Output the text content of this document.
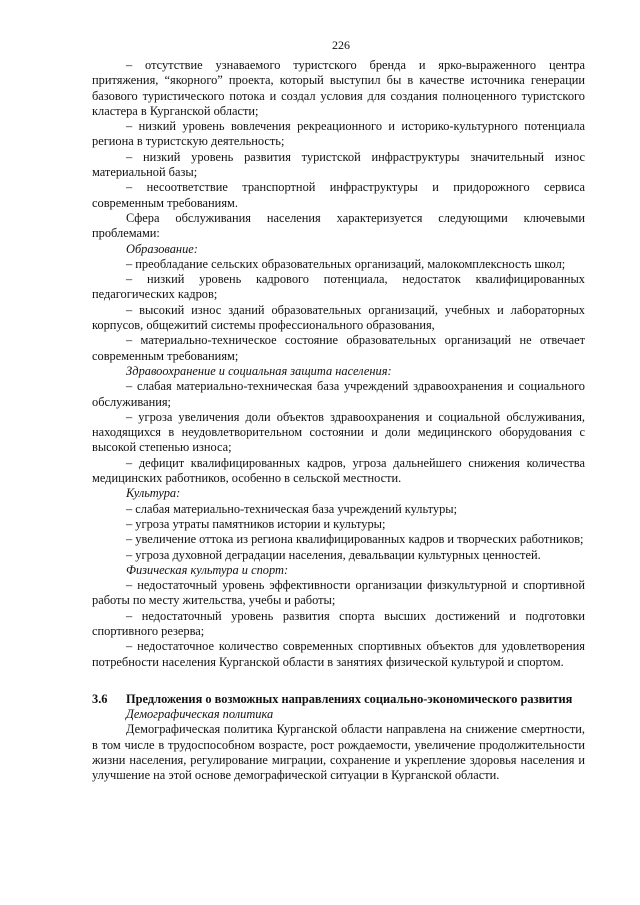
226

– отсутствие узнаваемого туристского бренда и ярко-выраженного центра притяжения, “якорного” проекта, который выступил бы в качестве источника генерации базового туристического потока и создал условия для создания полноценного туристского кластера в Курганской области;

– низкий уровень вовлечения рекреационного и историко-культурного потенциала региона в туристскую деятельность;

– низкий уровень развития туристской инфраструктуры значительный износ материальной базы;

– несоответствие транспортной инфраструктуры и придорожного сервиса современным требованиям.

Сфера обслуживания населения характеризуется следующими ключевыми проблемами:

Образование:

– преобладание сельских образовательных организаций, малокомплексность школ;

– низкий уровень кадрового потенциала, недостаток квалифицированных педагогических кадров;

– высокий износ зданий образовательных организаций, учебных и лабораторных корпусов, общежитий системы профессионального образования,

– материально-техническое состояние образовательных организаций не отвечает современным требованиям;

Здравоохранение и социальная защита населения:

– слабая материально-техническая база учреждений здравоохранения и социального обслуживания;

– угроза увеличения доли объектов здравоохранения и социальной обслуживания, находящихся в неудовлетворительном состоянии и доли медицинского оборудования с высокой степенью износа;

– дефицит квалифицированных кадров, угроза дальнейшего снижения количества медицинских работников, особенно в сельской местности.

Культура:

– слабая материально-техническая база учреждений культуры;

– угроза утраты памятников истории и культуры;

– увеличение оттока из региона квалифицированных кадров и творческих работников;

– угроза духовной деградации населения, девальвации культурных ценностей.

Физическая культура и спорт:

– недостаточный уровень эффективности организации физкультурной и спортивной работы по месту жительства, учебы и работы;

– недостаточный уровень развития спорта высших достижений и подготовки спортивного резерва;

– недостаточное количество современных спортивных объектов для удовлетворения потребности населения Курганской области в занятиях физической культурой и спортом.

3.6	Предложения о возможных направлениях социально-экономического развития

Демографическая политика

Демографическая политика Курганской области направлена на снижение смертности, в том числе в трудоспособном возрасте, рост рождаемости, увеличение продолжительности жизни населения, регулирование миграции, сохранение и укрепление здоровья населения и улучшение на этой основе демографической ситуации в Курганской области.
